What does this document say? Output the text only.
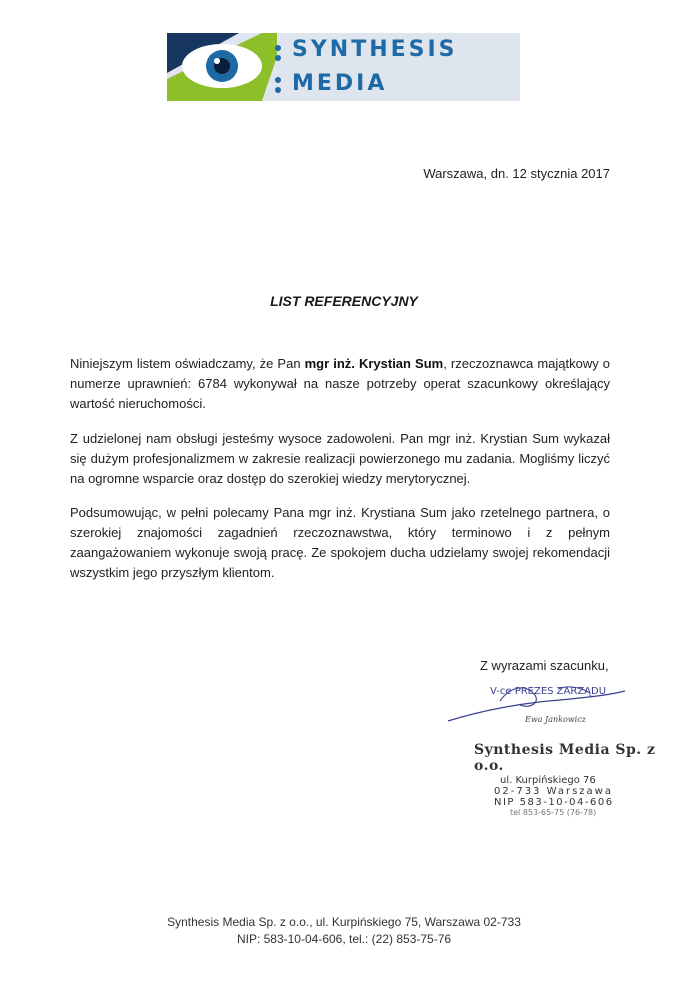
SYNTHESIS
MEDIA
Warszawa, dn. 12 stycznia 2017
LIST REFERENCYJNY
Niniejszym listem oświadczamy, że Pan mgr inż. Krystian Sum, rzeczoznawca majątkowy o numerze uprawnień: 6784 wykonywał na nasze potrzeby operat szacunkowy określający wartość nieruchomości.
Z udzielonej nam obsługi jesteśmy wysoce zadowoleni. Pan mgr inż. Krystian Sum wykazał się dużym profesjonalizmem w zakresie realizacji powierzonego mu zadania. Mogliśmy liczyć na ogromne wsparcie oraz dostęp do szerokiej wiedzy merytorycznej.
Podsumowując, w pełni polecamy Pana mgr inż. Krystiana Sum jako rzetelnego partnera, o szerokiej znajomości zagadnień rzeczoznawstwa, który terminowo i z pełnym zaangażowaniem wykonuje swoją pracę. Ze spokojem ducha udzielamy swojej rekomendacji wszystkim jego przyszłym klientom.
Z wyrazami szacunku,
V-ce PREZES ZARZĄDU
Ewa Jankowicz
Synthesis Media Sp. z o.o.
ul. Kurpińskiego 76
02-733 Warszawa
NIP 583-10-04-606
tel 853-65-75 (76-78)
Synthesis Media Sp. z o.o., ul. Kurpińskiego 75, Warszawa 02-733
NIP: 583-10-04-606, tel.: (22) 853-75-76
